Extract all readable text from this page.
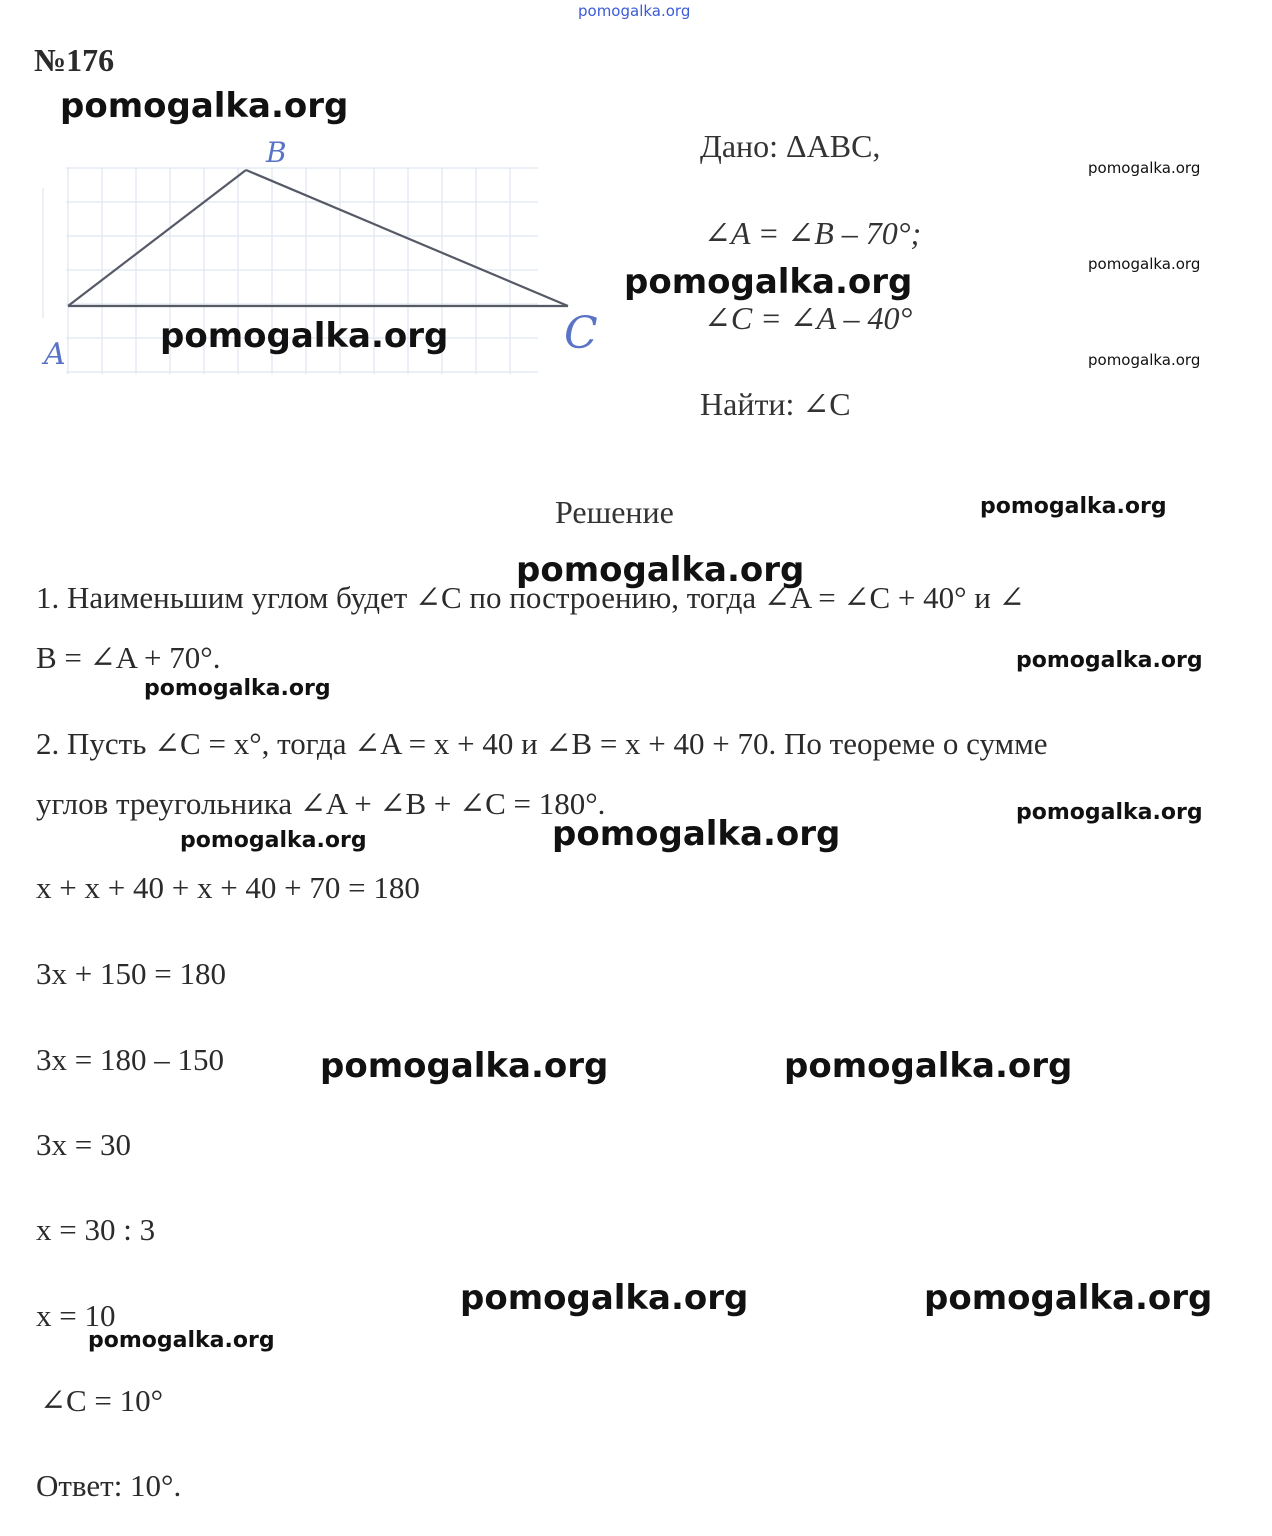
pomogalka.org
№176
A
B
C
pomogalka.org
pomogalka.org
Дано: ΔABC,
∠A = ∠B – 70°;
∠C = ∠A – 40°
Найти: ∠C
pomogalka.org
pomogalka.org
pomogalka.org
pomogalka.org
Решение	pomogalka.org
pomogalka.org
1. Наименьшим углом будет ∠C по построению, тогда ∠A = ∠C + 40° и ∠
B = ∠A + 70°.	pomogalka.org
pomogalka.org
2. Пусть ∠C = x°, тогда ∠A = x + 40 и ∠B = x + 40 + 70. По теореме о сумме
углов треугольника ∠A + ∠B + ∠C = 180°.	pomogalka.org
pomogalka.org	pomogalka.org
x + x + 40 + x + 40 + 70 = 180
3x + 150 = 180
3x = 180 – 150
3x = 30
x = 30 : 3
x = 10
∠C = 10°
pomogalka.org	pomogalka.org
pomogalka.org	pomogalka.org
pomogalka.org
Ответ: 10°.
